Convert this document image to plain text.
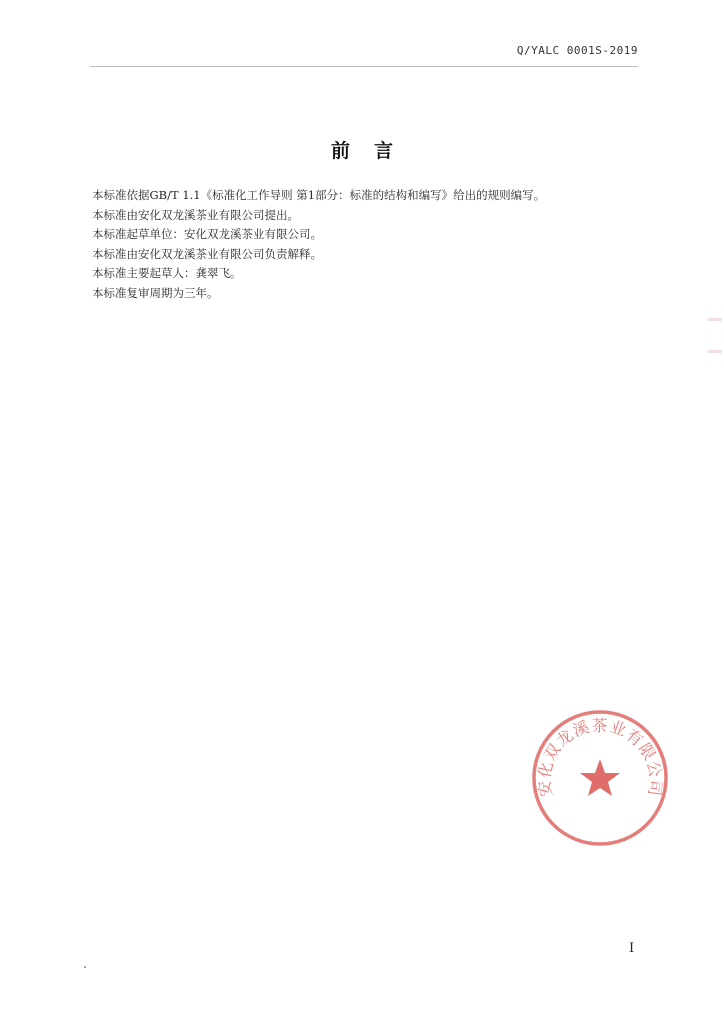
Q/YALC 0001S-2019
前言
本标准依据GB/T 1.1《标准化工作导则 第1部分：标准的结构和编写》给出的规则编写。
本标准由安化双龙溪茶业有限公司提出。
本标准起草单位：安化双龙溪茶业有限公司。
本标准由安化双龙溪茶业有限公司负责解释。
本标准主要起草人：龚翠飞。
本标准复审周期为三年。
安化双龙溪茶业有限公司
I
